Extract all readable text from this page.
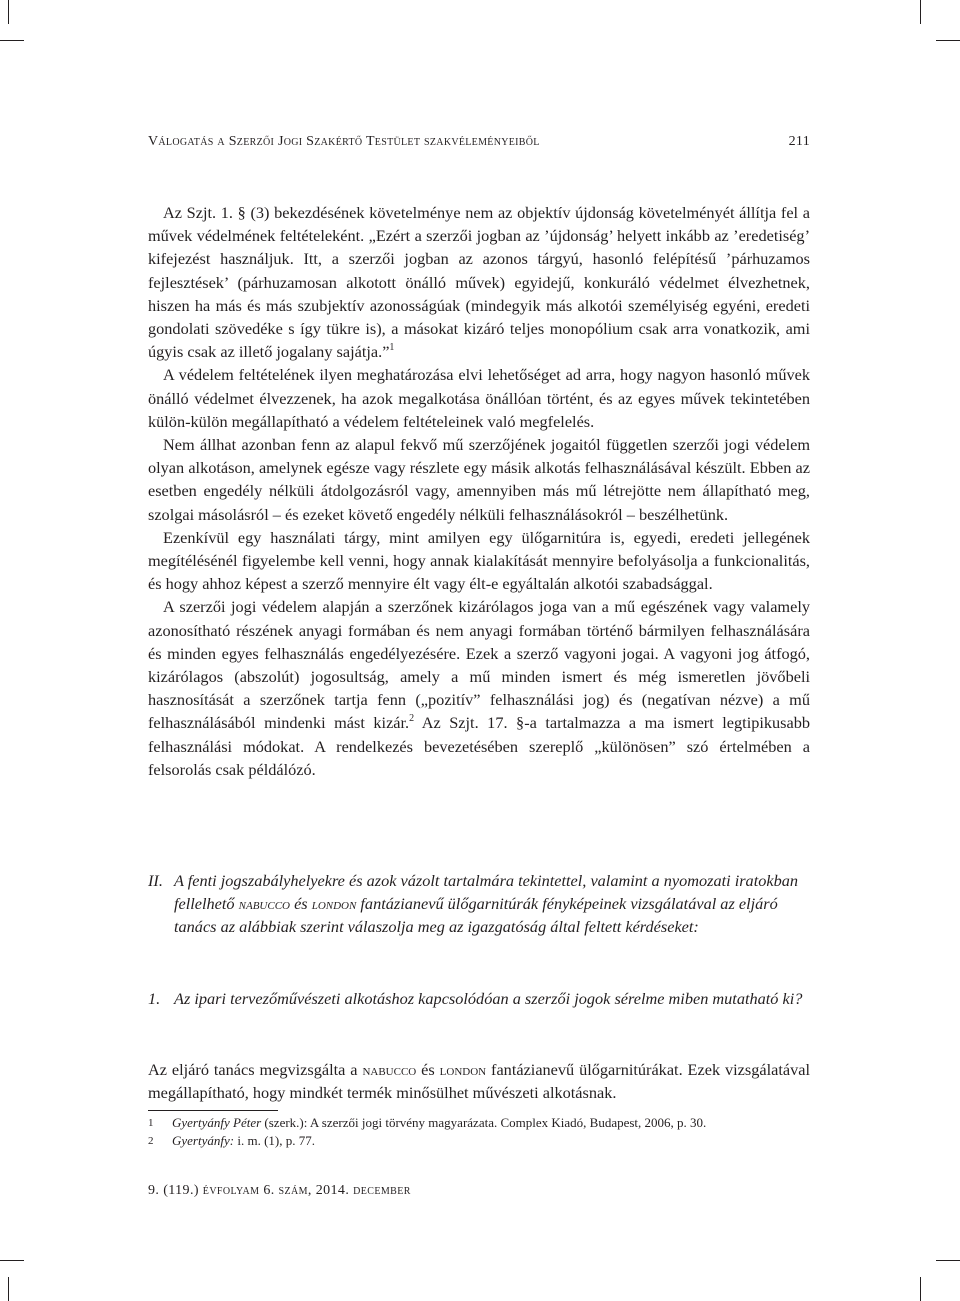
Válogatás a Szerzői Jogi Szakértő Testület szakvéleményeiből	211

Az Szjt. 1. § (3) bekezdésének követelménye nem az objektív újdonság követelményét állítja fel a művek védelmének feltételeként. „Ezért a szerzői jogban az ’újdonság’ helyett inkább az ’eredetiség’ kifejezést használjuk. Itt, a szerzői jogban az azonos tárgyú, hasonló felépítésű ’párhuzamos fejlesztések’ (párhuzamosan alkotott önálló művek) egyidejű, konkuráló védelmet élvezhetnek, hiszen ha más és más szubjektív azonosságúak (mindegyik más alkotói személyiség egyéni, eredeti gondolati szövedéke s így tükre is), a másokat kizáró teljes monopólium csak arra vonatkozik, ami úgyis csak az illető jogalany sajátja.”$^1$

A védelem feltételének ilyen meghatározása elvi lehetőséget ad arra, hogy nagyon hasonló művek önálló védelmet élvezzenek, ha azok megalkotása önállóan történt, és az egyes művek tekintetében külön-külön megállapítható a védelem feltételeinek való megfelelés.

Nem állhat azonban fenn az alapul fekvő mű szerzőjének jogaitól független szerzői jogi védelem olyan alkotáson, amelynek egésze vagy részlete egy másik alkotás felhasználásával készült. Ebben az esetben engedély nélküli átdolgozásról vagy, amennyiben más mű létrejötte nem állapítható meg, szolgai másolásról – és ezeket követő engedély nélküli felhasználásokról – beszélhetünk.

Ezenkívül egy használati tárgy, mint amilyen egy ülőgarnitúra is, egyedi, eredeti jellegének megítélésénél figyelembe kell venni, hogy annak kialakítását mennyire befolyásolja a funkcionalitás, és hogy ahhoz képest a szerző mennyire élt vagy élt-e egyáltalán alkotói szabadsággal.

A szerzői jogi védelem alapján a szerzőnek kizárólagos joga van a mű egészének vagy valamely azonosítható részének anyagi formában és nem anyagi formában történő bármilyen felhasználására és minden egyes felhasználás engedélyezésére. Ezek a szerző vagyoni jogai. A vagyoni jog átfogó, kizárólagos (abszolút) jogosultság, amely a mű minden ismert és még ismeretlen jövőbeli hasznosítását a szerzőnek tartja fenn („pozitív” felhasználási jog) és (negatívan nézve) a mű felhasználásából mindenki mást kizár.$^2$ Az Szjt. 17. §-a tartalmazza a ma ismert legtipikusabb felhasználási módokat. A rendelkezés bevezetésében szereplő „különösen” szó értelmében a felsorolás csak példálózó.

II. A fenti jogszabályhelyekre és azok vázolt tartalmára tekintettel, valamint a nyomozati iratokban fellelhető nabucco és london fantázianevű ülőgarnitúrák fényképeinek vizsgálatával az eljáró tanács az alábbiak szerint válaszolja meg az igazgatóság által feltett kérdéseket:
1. Az ipari tervezőművészeti alkotáshoz kapcsolódóan a szerzői jogok sérelme miben mutatható ki?
Az eljáró tanács megvizsgálta a nabucco és london fantázianevű ülőgarnitúrákat. Ezek vizsgálatával megállapítható, hogy mindkét termék minősülhet művészeti alkotásnak.
1 Gyertyánfy Péter (szerk.): A szerzői jogi törvény magyarázata. Complex Kiadó, Budapest, 2006, p. 30.
2 Gyertyánfy: i. m. (1), p. 77.
9. (119.) évfolyam 6. szám, 2014. december
